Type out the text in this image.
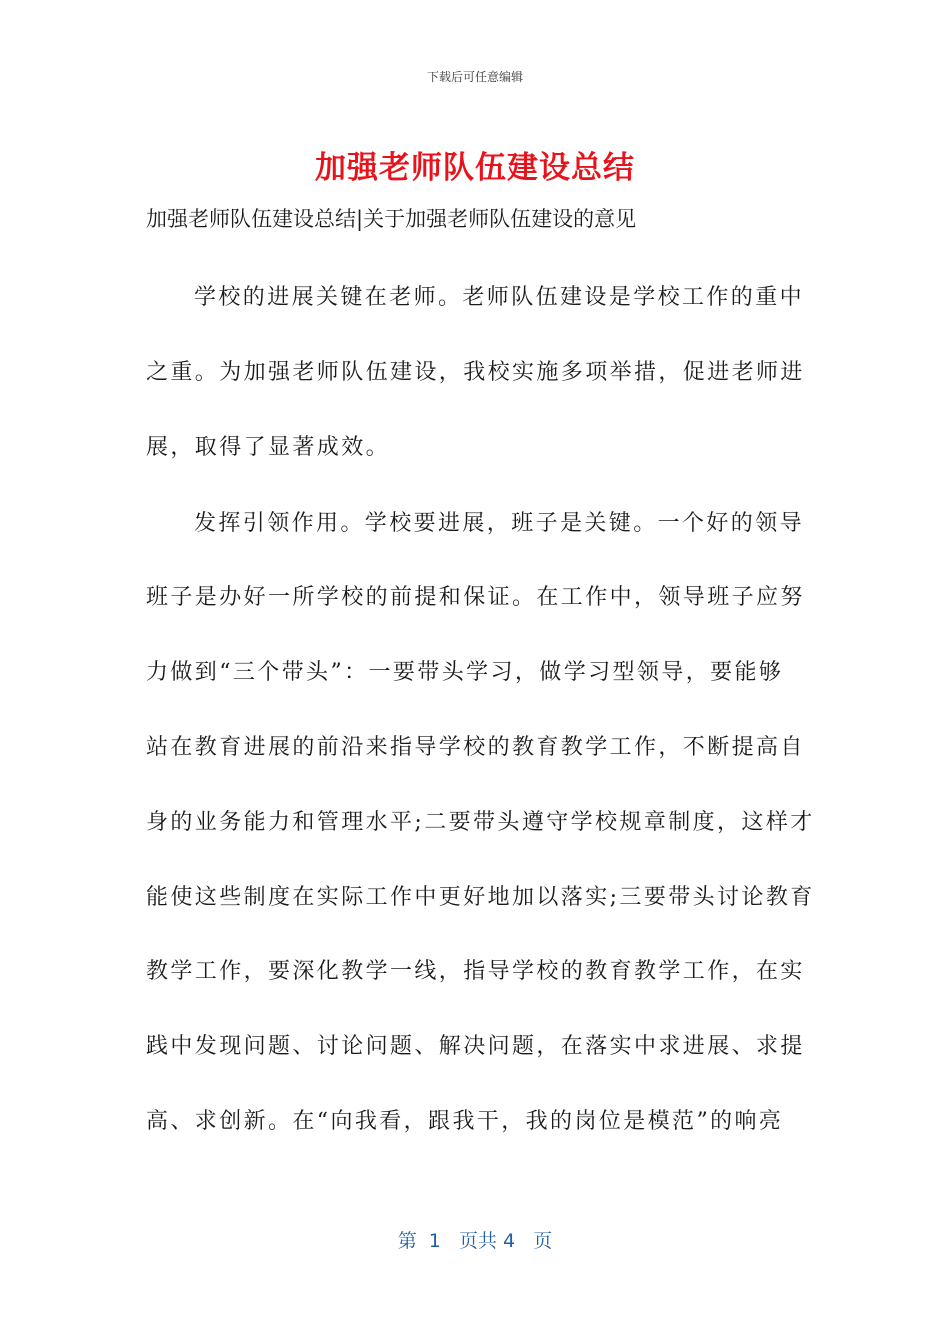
下载后可任意编辑
加强老师队伍建设总结
加强老师队伍建设总结|关于加强老师队伍建设的意见
学校的进展关键在老师。老师队伍建设是学校工作的重中
之重。为加强老师队伍建设，我校实施多项举措，促进老师进
展，取得了显著成效。
发挥引领作用。学校要进展，班子是关键。一个好的领导
班子是办好一所学校的前提和保证。在工作中，领导班子应努
力做到“三个带头”：一要带头学习，做学习型领导，要能够
站在教育进展的前沿来指导学校的教育教学工作，不断提高自
身的业务能力和管理水平;二要带头遵守学校规章制度，这样才
能使这些制度在实际工作中更好地加以落实;三要带头讨论教育
教学工作，要深化教学一线，指导学校的教育教学工作，在实
践中发现问题、讨论问题、解决问题，在落实中求进展、求提
高、求创新。在“向我看，跟我干，我的岗位是模范”的响亮
第  1   页共 4   页
